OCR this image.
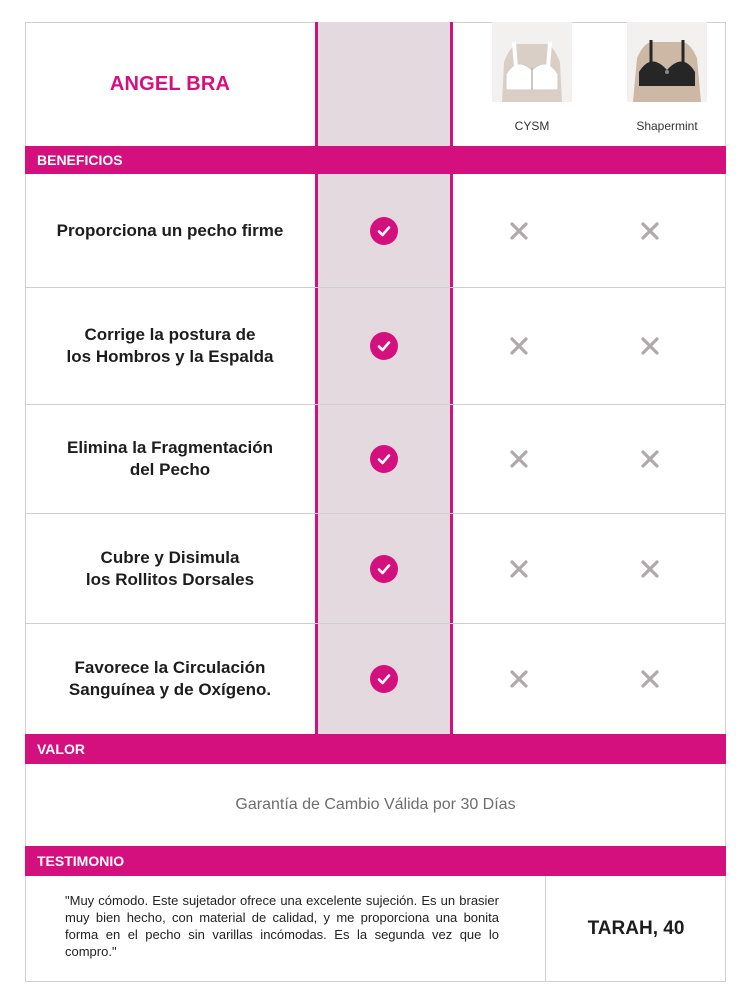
ANGEL BRA
CYSM	Shapermint
BENEFICIOS
Proporciona un pecho firme
Corrige la postura de
los Hombros y la Espalda
Elimina la Fragmentación
del Pecho
Cubre y Disimula
los Rollitos Dorsales
Favorece la Circulación
Sanguínea y de Oxígeno.
VALOR
Garantía de Cambio Válida por 30 Días
TESTIMONIO
"Muy cómodo. Este sujetador ofrece una excelente sujeción. Es un brasier muy bien hecho, con material de calidad, y me proporciona una bonita forma en el pecho sin varillas incómodas. Es la segunda vez que lo compro."
TARAH, 40
